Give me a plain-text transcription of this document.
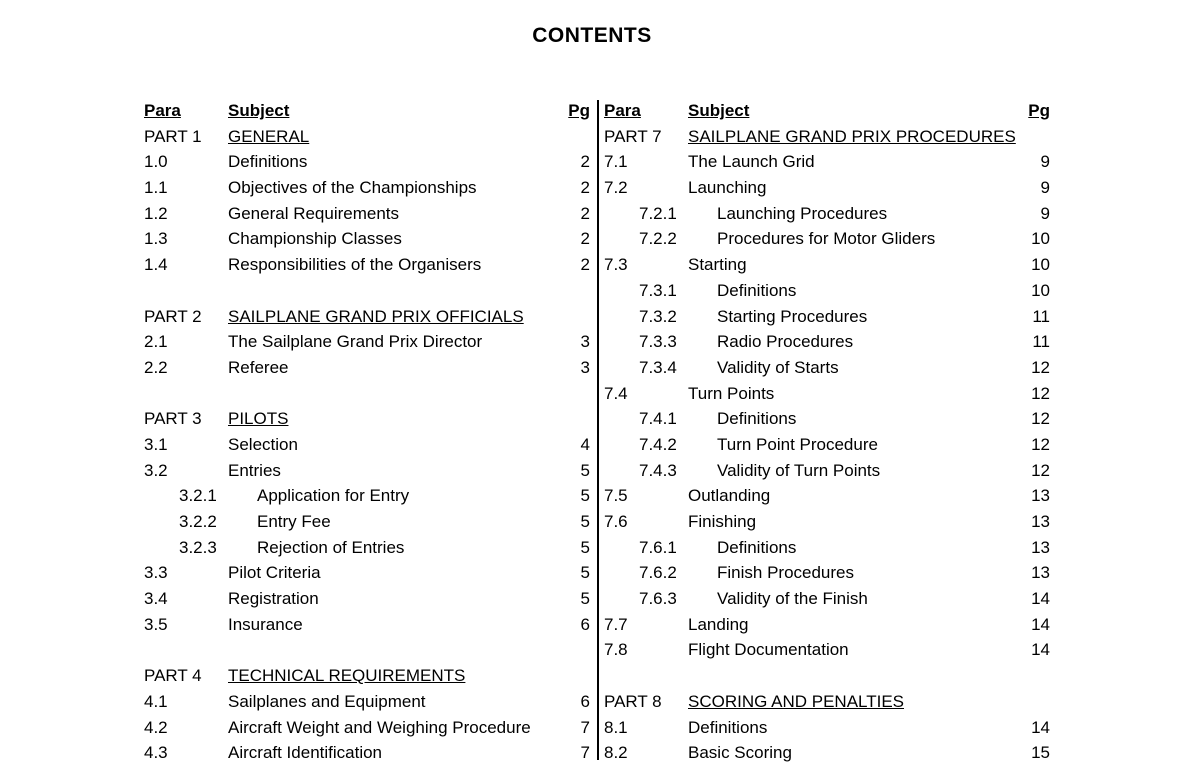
CONTENTS
Para	Subject	Pg
PART 1 GENERAL
1.0	Definitions	2
1.1	Objectives of the Championships	2
1.2	General Requirements	2
1.3	Championship Classes	2
1.4	Responsibilities of the Organisers	2
PART 2 SAILPLANE GRAND PRIX OFFICIALS
2.1	The Sailplane Grand Prix Director	3
2.2	Referee	3
PART 3 PILOTS
3.1	Selection	4
3.2	Entries	5
3.2.1 Application for Entry	5
3.2.2 Entry Fee	5
3.2.3 Rejection of Entries	5
3.3	Pilot Criteria	5
3.4	Registration	5
3.5	Insurance	6
PART 4 TECHNICAL REQUIREMENTS
4.1	Sailplanes and Equipment	6
4.2	Aircraft Weight and Weighing Procedure	7
4.3	Aircraft Identification	7
Para	Subject	Pg
PART 7 SAILPLANE GRAND PRIX PROCEDURES
7.1	The Launch Grid	9
7.2	Launching	9
7.2.1 Launching Procedures	9
7.2.2 Procedures for Motor Gliders	10
7.3	Starting	10
7.3.1 Definitions	10
7.3.2 Starting Procedures	11
7.3.3 Radio Procedures	11
7.3.4 Validity of Starts	12
7.4	Turn Points	12
7.4.1 Definitions	12
7.4.2 Turn Point Procedure	12
7.4.3 Validity of Turn Points	12
7.5	Outlanding	13
7.6	Finishing	13
7.6.1 Definitions	13
7.6.2 Finish Procedures	13
7.6.3 Validity of the Finish	14
7.7	Landing	14
7.8	Flight Documentation	14
PART 8 SCORING AND PENALTIES
8.1	Definitions	14
8.2	Basic Scoring	15
